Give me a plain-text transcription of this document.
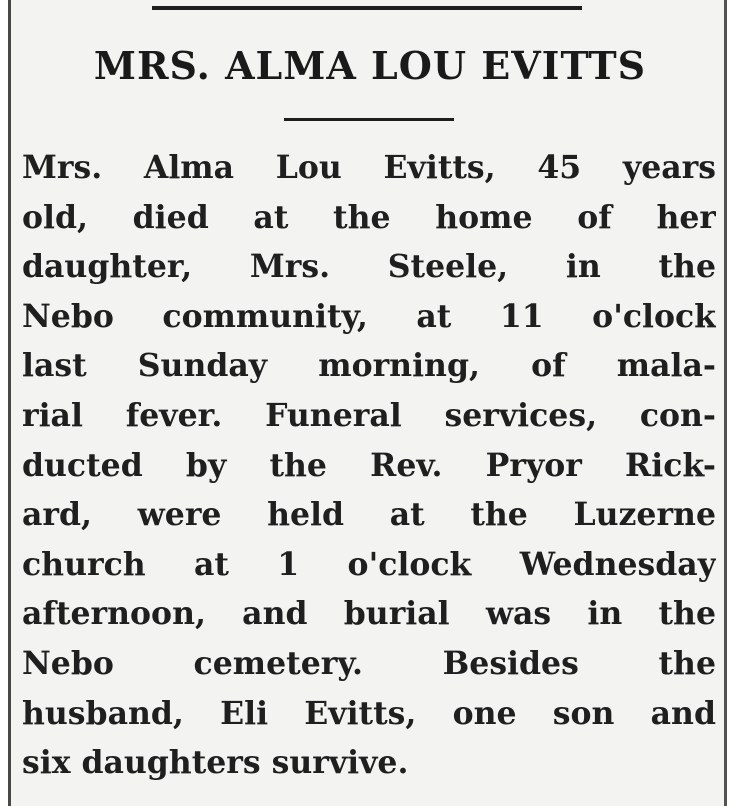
MRS. ALMA LOU EVITTS
Mrs. Alma Lou Evitts, 45 years
old, died at the home of her
daughter, Mrs. Steele, in the
Nebo community, at 11 o'clock
last Sunday morning, of mala-
rial fever. Funeral services, con-
ducted by the Rev. Pryor Rick-
ard, were held at the Luzerne
church at 1 o'clock Wednesday
afternoon, and burial was in the
Nebo cemetery. Besides the
husband, Eli Evitts, one son and
six daughters survive.
